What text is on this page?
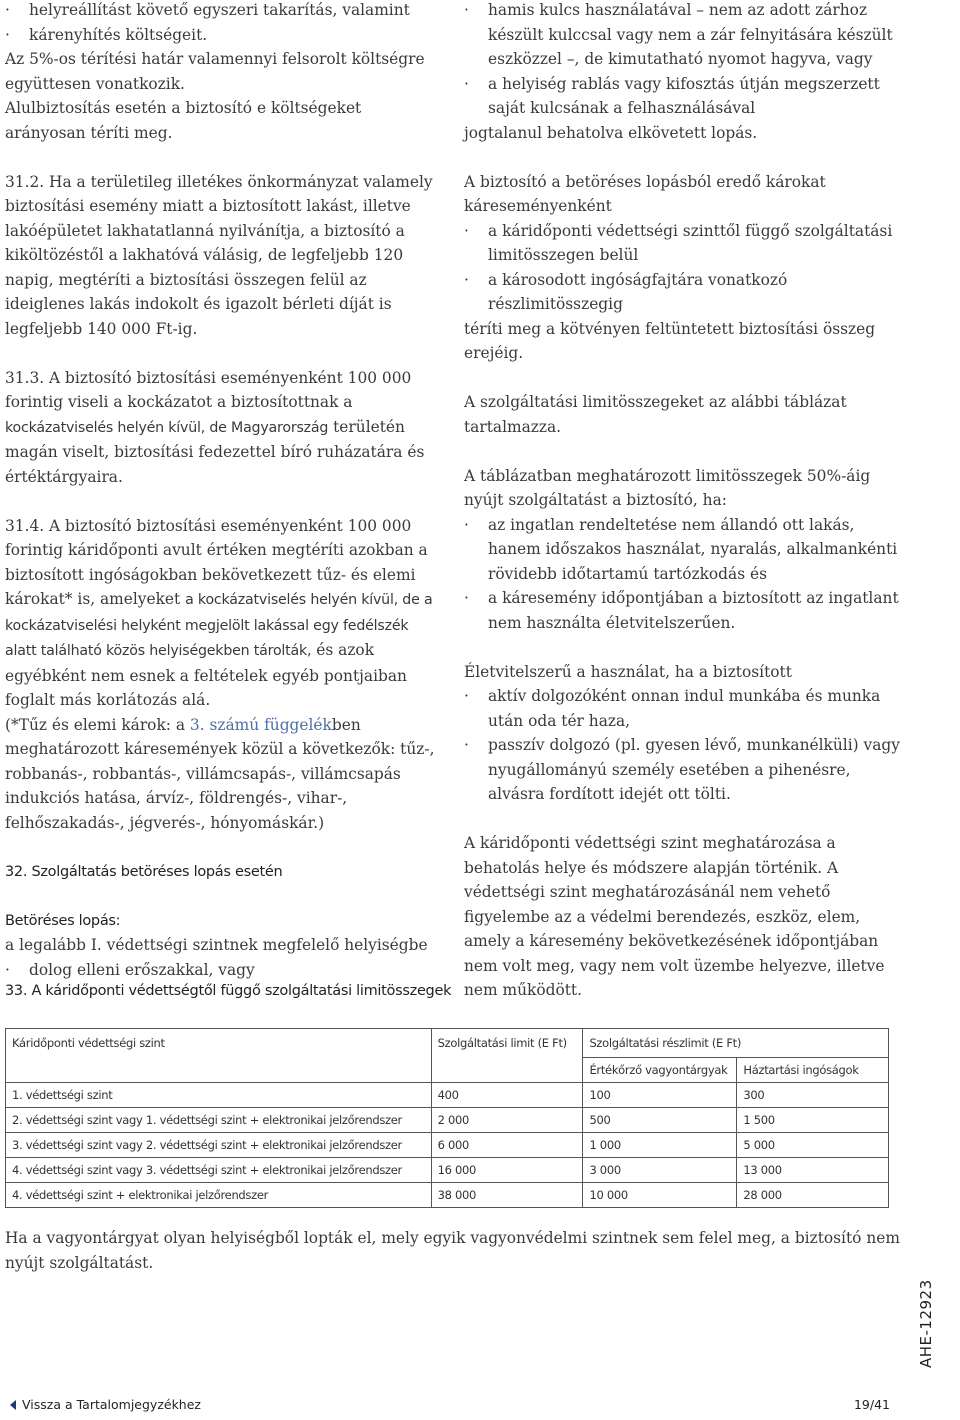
· helyreállítást követő egyszeri takarítás, valamint
· kárenyhítés költségeit.
Az 5%-os térítési határ valamennyi felsorolt költségre együttesen vonatkozik.
Alulbiztosítás esetén a biztosító e költségeket arányosan téríti meg.
31.2. Ha a területileg illetékes önkormányzat valamely biztosítási esemény miatt a biztosított lakást, illetve lakóépületet lakhatatlanná nyilvánítja, a biztosító a kiköltözéstől a lakhatóvá válásig, de legfeljebb 120 napig, megtéríti a biztosítási összegen felül az ideiglenes lakás indokolt és igazolt bérleti díját is legfeljebb 140 000 Ft-ig.
31.3. A biztosító biztosítási eseményenként 100 000 forintig viseli a kockázatot a biztosítottnak a kockázatviselés helyén kívül, de Magyarország területén magán viselt, biztosítási fedezettel bíró ruházatára és értéktárgyaira.
31.4. A biztosító biztosítási eseményenként 100 000 forintig káridőponti avult értéken megtéríti azokban a biztosított ingóságokban bekövetkezett tűz- és elemi károkat* is, amelyeket a kockázatviselés helyén kívül, de a kockázatviselési helyként megjelölt lakással egy fedélszék alatt található közös helyiségekben tárolták, és azok egyébként nem esnek a feltételek egyéb pontjaiban foglalt más korlátozás alá.
(*Tűz és elemi károk: a 3. számú függelékben meghatározott káresemények közül a következők: tűz-, robbanás-, robbantás-, villámcsapás-, villámcsapás indukciós hatása, árvíz-, földrengés-, vihar-, felhőszakadás-, jégverés-, hónyomáskár.)
32. Szolgáltatás betöréses lopás esetén
Betöréses lopás:
a legalább I. védettségi szintnek megfelelő helyiségbe
· dolog elleni erőszakkal, vagy
· hamis kulcs használatával – nem az adott zárhoz készült kulccsal vagy nem a zár felnyitására készült eszközzel –, de kimutatható nyomot hagyva, vagy
· a helyiség rablás vagy kifosztás útján megszerzett saját kulcsának a felhasználásával
jogtalanul behatolva elkövetett lopás.
A biztosító a betöréses lopásból eredő károkat káreseményenként
· a káridőponti védettségi szinttől függő szolgáltatási limitösszegen belül
· a károsodott ingóságfajtára vonatkozó részlimitösszegig
téríti meg a kötvényen feltüntetett biztosítási összeg erejéig.
A szolgáltatási limitösszegeket az alábbi táblázat tartalmazza.
A táblázatban meghatározott limitösszegek 50%-áig nyújt szolgáltatást a biztosító, ha:
· az ingatlan rendeltetése nem állandó ott lakás, hanem időszakos használat, nyaralás, alkalmankénti rövidebb időtartamú tartózkodás és
· a káresemény időpontjában a biztosított az ingatlant nem használta életvitelszerűen.
Életvitelszerű a használat, ha a biztosított
· aktív dolgozóként onnan indul munkába és munka után oda tér haza,
· passzív dolgozó (pl. gyesen lévő, munkanélküli) vagy nyugállományú személy esetében a pihenésre, alvásra fordított idejét ott tölti.
A káridőponti védettségi szint meghatározása a behatolás helye és módszere alapján történik. A védettségi szint meghatározásánál nem vehető figyelembe az a védelmi berendezés, eszköz, elem, amely a káresemény bekövetkezésének időpontjában nem volt meg, vagy nem volt üzembe helyezve, illetve nem működött.
33. A káridőponti védettségtől függő szolgáltatási limitösszegek
Káridőponti védettségi szint	Szolgáltatási limit (E Ft)	Szolgáltatási részlimit (E Ft)	
		Értékőrző vagyontárgyak	Háztartási ingóságok
1. védettségi szint	400	100	300
2. védettségi szint vagy 1. védettségi szint + elektronikai jelzőrendszer	2 000	500	1 500
3. védettségi szint vagy 2. védettségi szint + elektronikai jelzőrendszer	6 000	1 000	5 000
4. védettségi szint vagy 3. védettségi szint + elektronikai jelzőrendszer	16 000	3 000	13 000
4. védettségi szint + elektronikai jelzőrendszer	38 000	10 000	28 000
Ha a vagyontárgyat olyan helyiségből lopták el, mely egyik vagyonvédelmi szintnek sem felel meg, a biztosító nem nyújt szolgáltatást.
AHE-12923
Vissza a Tartalomjegyzékhez	19/41
